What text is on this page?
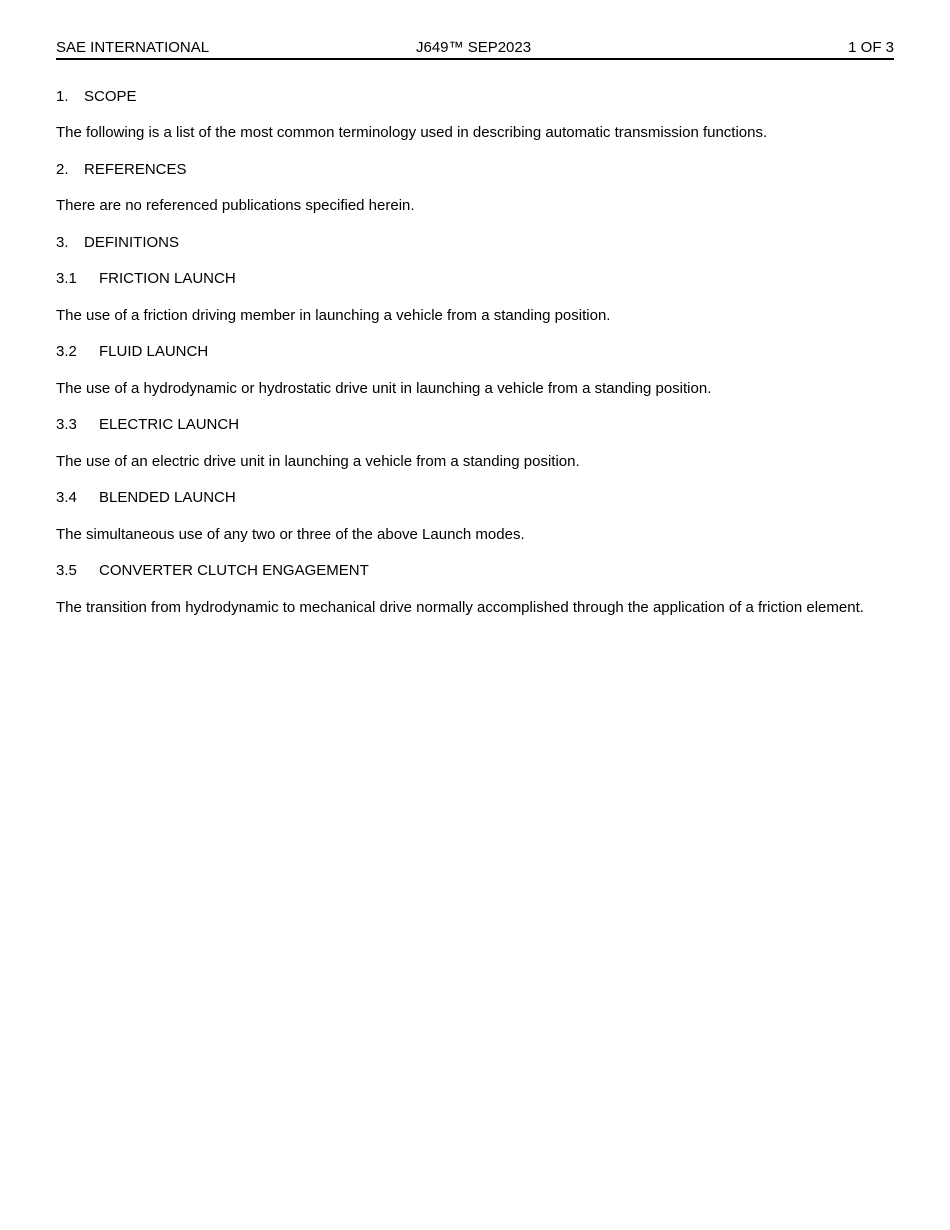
SAE INTERNATIONAL	J649™ SEP2023	1 OF 3
1. SCOPE
The following is a list of the most common terminology used in describing automatic transmission functions.
2. REFERENCES
There are no referenced publications specified herein.
3. DEFINITIONS
3.1 FRICTION LAUNCH
The use of a friction driving member in launching a vehicle from a standing position.
3.2 FLUID LAUNCH
The use of a hydrodynamic or hydrostatic drive unit in launching a vehicle from a standing position.
3.3 ELECTRIC LAUNCH
The use of an electric drive unit in launching a vehicle from a standing position.
3.4 BLENDED LAUNCH
The simultaneous use of any two or three of the above Launch modes.
3.5 CONVERTER CLUTCH ENGAGEMENT
The transition from hydrodynamic to mechanical drive normally accomplished through the application of a friction element.
